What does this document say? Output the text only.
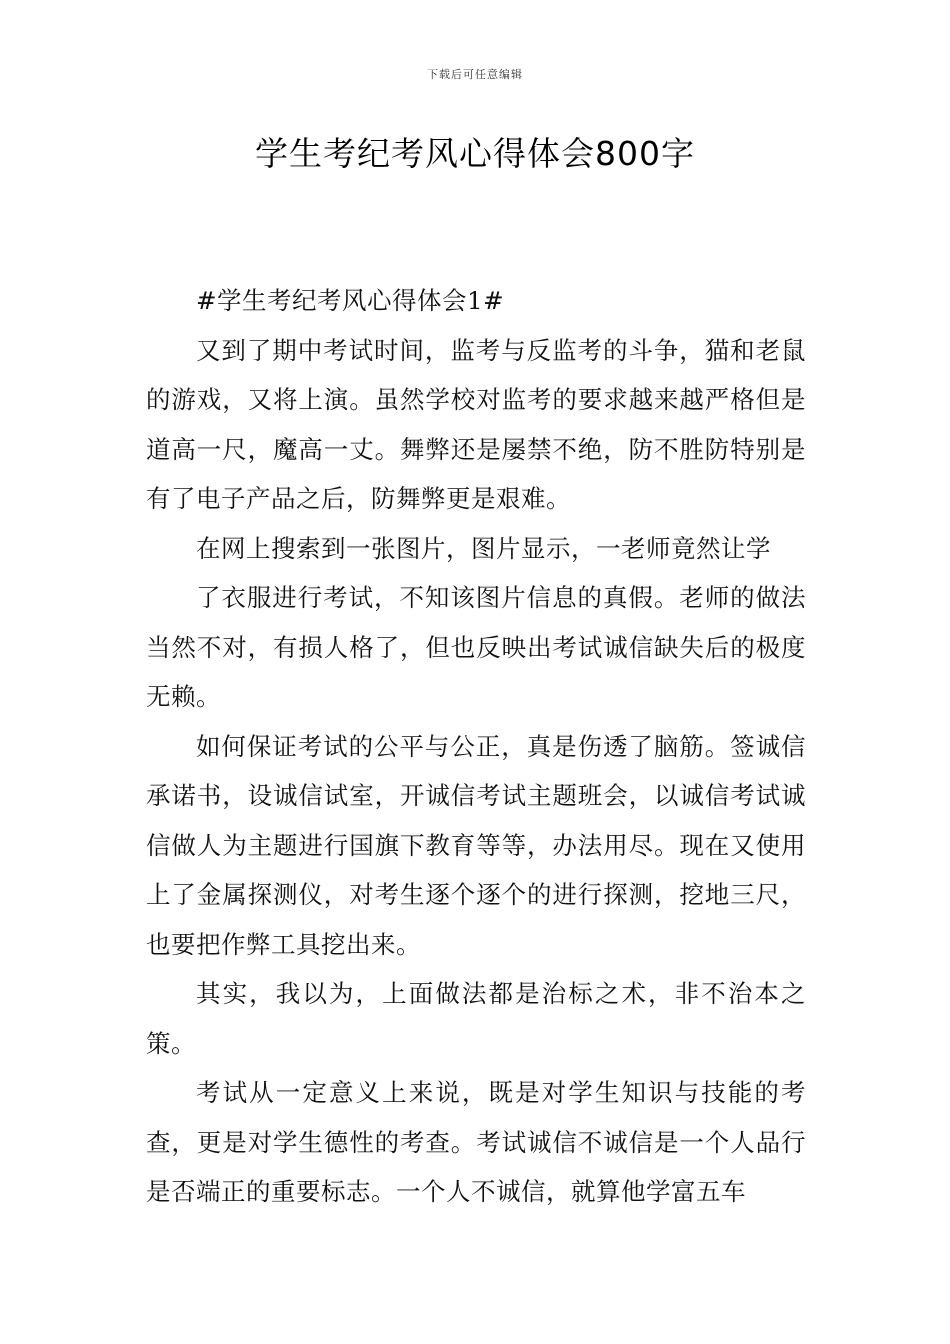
下载后可任意编辑
学生考纪考风心得体会800字

#学生考纪考风心得体会1#

又到了期中考试时间，监考与反监考的斗争，猫和老鼠的游戏，又将上演。虽然学校对监考的要求越来越严格但是道高一尺，魔高一丈。舞弊还是屡禁不绝，防不胜防特别是有了电子产品之后，防舞弊更是艰难。

在网上搜索到一张图片，图片显示，一老师竟然让学

了衣服进行考试，不知该图片信息的真假。老师的做法当然不对，有损人格了，但也反映出考试诚信缺失后的极度无赖。

如何保证考试的公平与公正，真是伤透了脑筋。签诚信承诺书，设诚信试室，开诚信考试主题班会，以诚信考试诚信做人为主题进行国旗下教育等等，办法用尽。现在又使用上了金属探测仪，对考生逐个逐个的进行探测，挖地三尺，也要把作弊工具挖出来。

其实，我以为，上面做法都是治标之术，非不治本之策。

考试从一定意义上来说，既是对学生知识与技能的考查，更是对学生德性的考查。考试诚信不诚信是一个人品行是否端正的重要标志。一个人不诚信，就算他学富五车
